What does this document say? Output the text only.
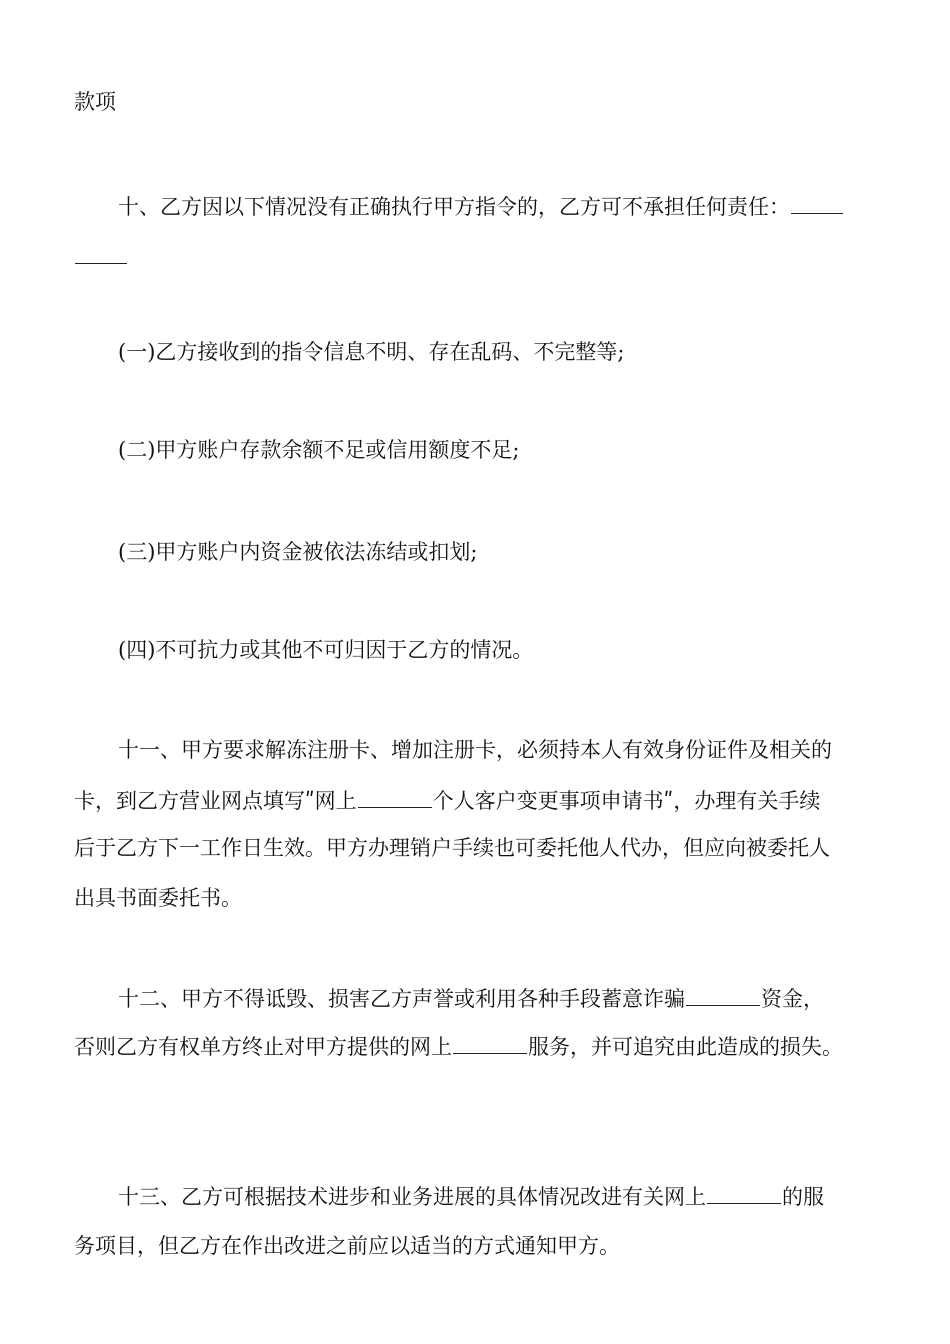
款项
十、乙方因以下情况没有正确执行甲方指令的，乙方可不承担任何责任：
(一)乙方接收到的指令信息不明、存在乱码、不完整等;
(二)甲方账户存款余额不足或信用额度不足;
(三)甲方账户内资金被依法冻结或扣划;
(四)不可抗力或其他不可归因于乙方的情况。
十一、甲方要求解冻注册卡、增加注册卡，必须持本人有效身份证件及相关的
卡，到乙方营业网点填写ʺ网上	个人客户变更事项申请书ʺ，办理有关手续
后于乙方下一工作日生效。甲方办理销户手续也可委托他人代办，但应向被委托人
出具书面委托书。
十二、甲方不得诋毁、损害乙方声誉或利用各种手段蓄意诈骗	资金，
否则乙方有权单方终止对甲方提供的网上	服务，并可追究由此造成的损失。
十三、乙方可根据技术进步和业务进展的具体情况改进有关网上	的服
务项目，但乙方在作出改进之前应以适当的方式通知甲方。
